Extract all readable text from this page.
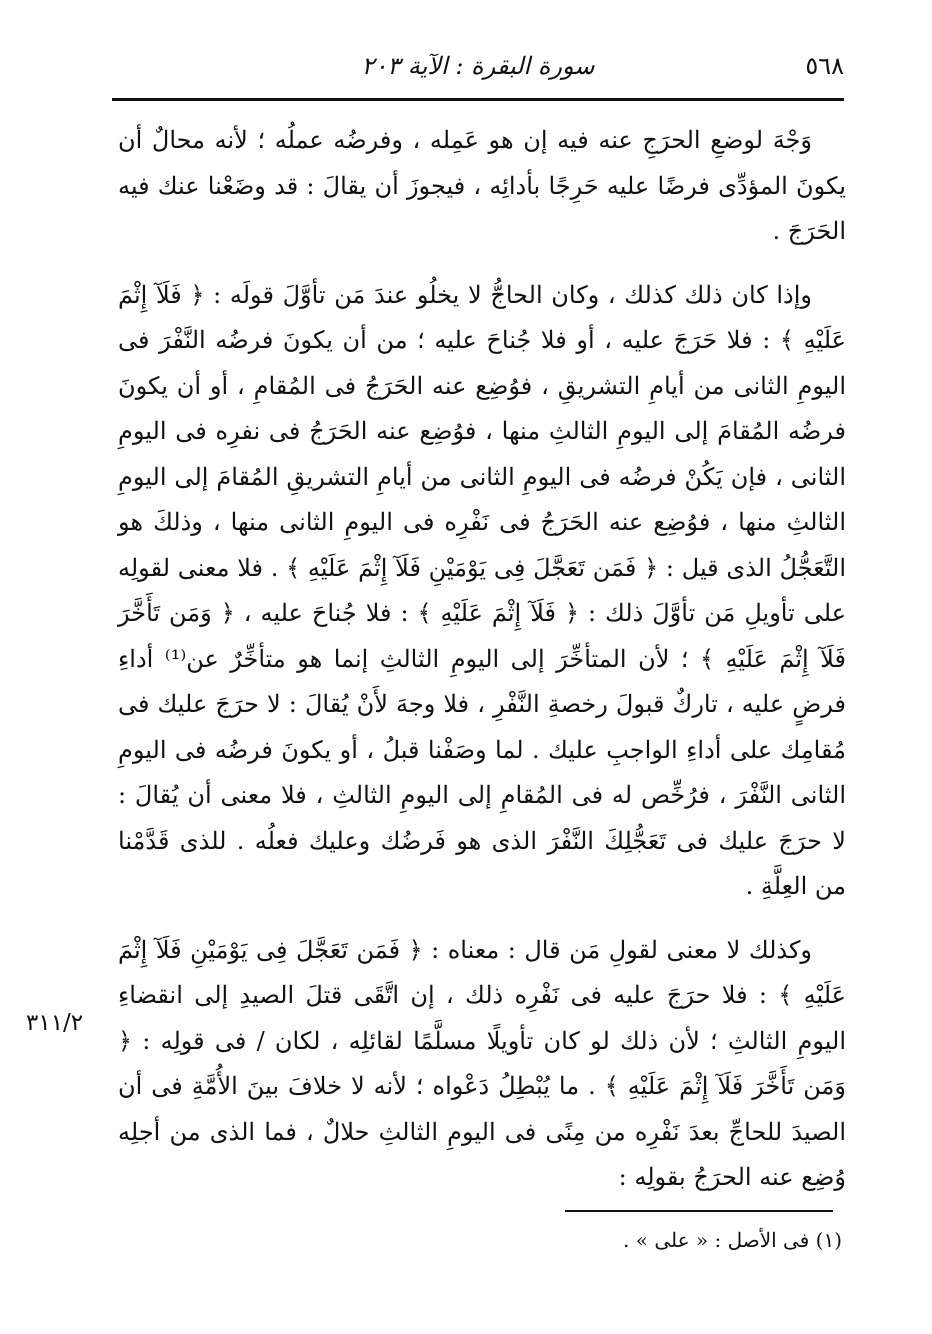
٥٦٨
سورة البقرة : الآية ٢٠٣

وَجْهَ لوضعِ الحرَجِ عنه فيه إن هو عَمِله ، وفرضُه عملُه ؛ لأنه محالٌ أن يكونَ المؤدِّى فرضًا عليه حَرِجًا بأدائِه ، فيجوزَ أن يقالَ : قد وضَعْنا عنك فيه الحَرَجَ .

وإذا كان ذلك كذلك ، وكان الحاجُّ لا يخلُو عندَ مَن تأوَّلَ قولَه : ﴿ فَلَآ إِثْمَ عَلَيْهِ ﴾ : فلا حَرَجَ عليه ، أو فلا جُناحَ عليه ؛ من أن يكونَ فرضُه النَّفْرَ فى اليومِ الثانى من أيامِ التشريقِ ، فوُضِع عنه الحَرَجُ فى المُقامِ ، أو أن يكونَ فرضُه المُقامَ إلى اليومِ الثالثِ منها ، فوُضِع عنه الحَرَجُ فى نفرِه فى اليومِ الثانى ، فإن يَكُنْ فرضُه فى اليومِ الثانى من أيامِ التشريقِ المُقامَ إلى اليومِ الثالثِ منها ، فوُضِع عنه الحَرَجُ فى نَفْرِه فى اليومِ الثانى منها ، وذلكَ هو التَّعَجُّلُ الذى قيل : ﴿ فَمَن تَعَجَّلَ فِى يَوْمَيْنِ فَلَآ إِثْمَ عَلَيْهِ ﴾ . فلا معنى لقولِه على تأويلِ مَن تأوَّلَ ذلك : ﴿ فَلَآ إِثْمَ عَلَيْهِ ﴾ : فلا جُناحَ عليه ، ﴿ وَمَن تَأَخَّرَ فَلَآ إِثْمَ عَلَيْهِ ﴾ ؛ لأن المتأخِّرَ إلى اليومِ الثالثِ إنما هو متأخِّرٌ عن⁽¹⁾ أداءِ فرضٍ عليه ، تاركٌ قبولَ رخصةِ النَّفْرِ ، فلا وجهَ لأَنْ يُقالَ : لا حرَجَ عليك فى مُقامِك على أداءِ الواجبِ عليك . لما وصَفْنا قبلُ ، أو يكونَ فرضُه فى اليومِ الثانى النَّفْرَ ، فرُخِّص له فى المُقامِ إلى اليومِ الثالثِ ، فلا معنى أن يُقالَ : لا حرَجَ عليك فى تَعَجُّلِكَ النَّفْرَ الذى هو فَرضُك وعليك فعلُه . للذى قَدَّمْنا من العِلَّةِ .

وكذلك لا معنى لقولِ مَن قال : معناه : ﴿ فَمَن تَعَجَّلَ فِى يَوْمَيْنِ فَلَآ إِثْمَ عَلَيْهِ ﴾ : فلا حرَجَ عليه فى نَفْرِه ذلك ، إن اتَّقَى قتلَ الصيدِ إلى انقضاءِ اليومِ الثالثِ ؛ لأن ذلك لو كان تأويلًا مسلَّمًا لقائلِه ، لكان / فى قولِه : ﴿ وَمَن تَأَخَّرَ فَلَآ إِثْمَ عَلَيْهِ ﴾ . ما يُبْطِلُ دَعْواه ؛ لأنه لا خلافَ بينَ الأُمَّةِ فى أن الصيدَ للحاجِّ بعدَ نَفْرِه من مِنًى فى اليومِ الثالثِ حلالٌ ، فما الذى من أجلِه وُضِع عنه الحرَجُ بقولِه :

٣١١/٢
(١) فى الأصل : « على » .
